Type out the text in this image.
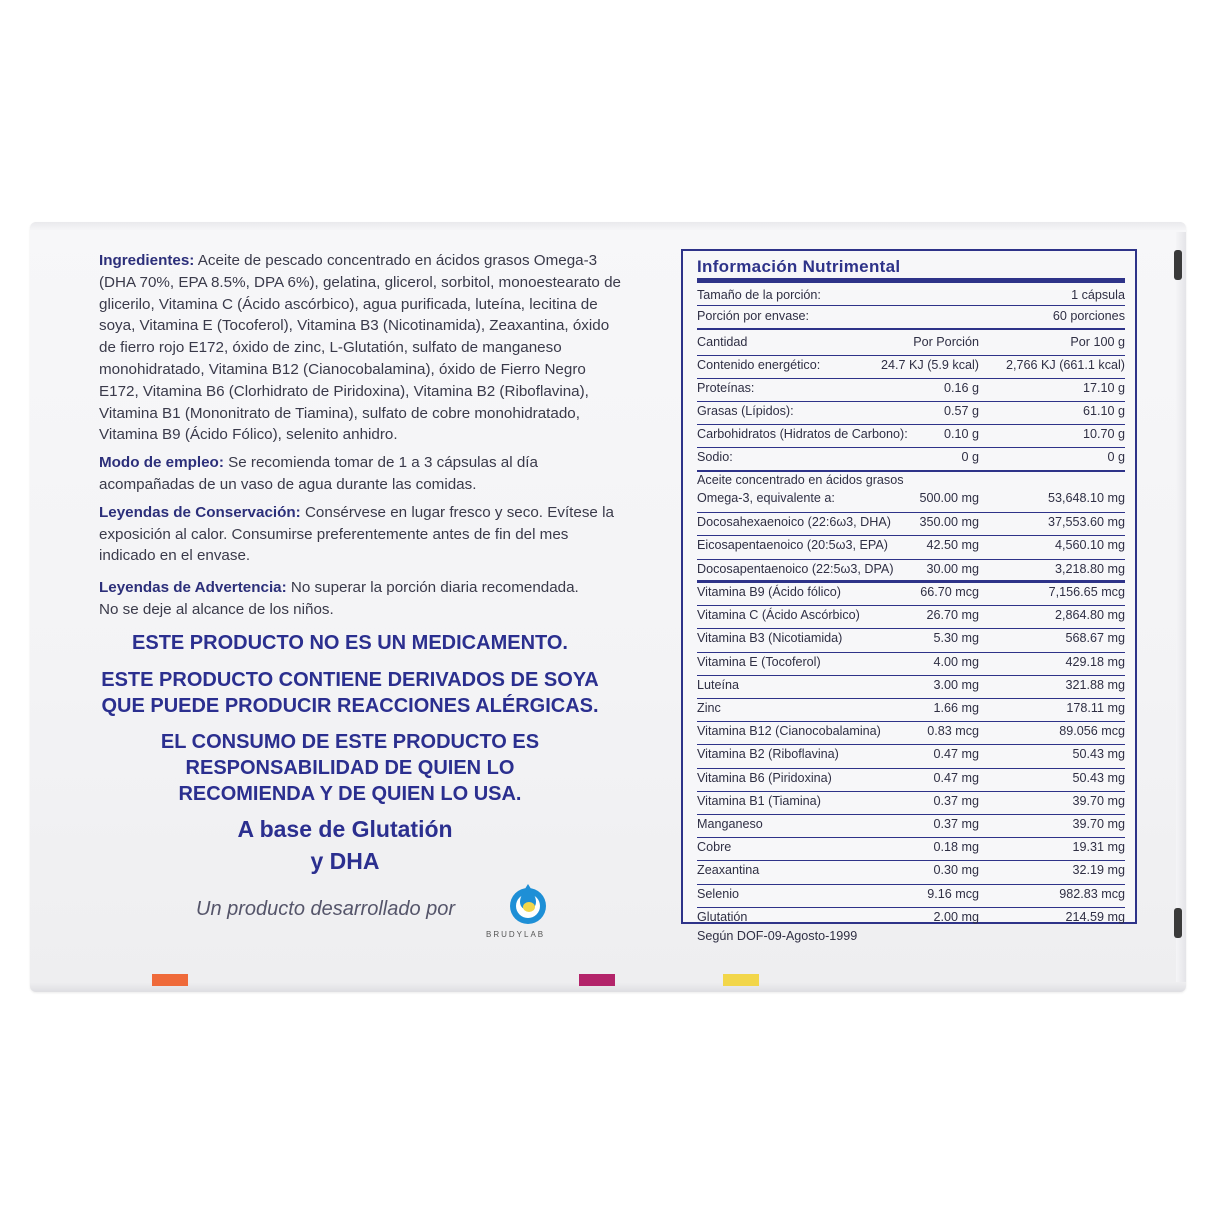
Ingredientes: Aceite de pescado concentrado en ácidos grasos Omega-3 (DHA 70%, EPA 8.5%, DPA 6%), gelatina, glicerol, sorbitol, monoestearato de glicerilo, Vitamina C (Ácido ascórbico), agua purificada, luteína, lecitina de soya, Vitamina E (Tocoferol), Vitamina B3 (Nicotinamida), Zeaxantina, óxido de fierro rojo E172, óxido de zinc, L-Glutatión, sulfato de manganeso monohidratado, Vitamina B12 (Cianocobalamina), óxido de Fierro Negro E172, Vitamina B6 (Clorhidrato de Piridoxina), Vitamina B2 (Riboflavina), Vitamina B1 (Mononitrato de Tiamina), sulfato de cobre monohidratado, Vitamina B9 (Ácido Fólico), selenito anhidro.

Modo de empleo: Se recomienda tomar de 1 a 3 cápsulas al día acompañadas de un vaso de agua durante las comidas.

Leyendas de Conservación: Consérvese en lugar fresco y seco. Evítese la exposición al calor. Consumirse preferentemente antes de fin del mes indicado en el envase.

Leyendas de Advertencia: No superar la porción diaria recomendada. No se deje al alcance de los niños.

ESTE PRODUCTO NO ES UN MEDICAMENTO.
ESTE PRODUCTO CONTIENE DERIVADOS DE SOYA
QUE PUEDE PRODUCIR REACCIONES ALÉRGICAS.
EL CONSUMO DE ESTE PRODUCTO ES
RESPONSABILIDAD DE QUIEN LO
RECOMIENDA Y DE QUIEN LO USA.
A base de Glutatión
y DHA
Un producto desarrollado por
BRUDYLAB
Información Nutrimental
Tamaño de la porción:	1 cápsula
Porción por envase:	60 porciones
Cantidad	Por Porción	Por 100 g
Contenido energético:	24.7 KJ (5.9 kcal) 2,766 KJ (661.1 kcal)
Proteínas:	0.16 g	17.10 g
Grasas (Lípidos):	0.57 g	61.10 g
Carbohidratos (Hidratos de Carbono):	0.10 g	10.70 g
Sodio:	0 g	0 g
Aceite concentrado en ácidos grasos
Omega-3, equivalente a:	500.00 mg	53,648.10 mg
Docosahexaenoico (22:6ω3, DHA) 350.00 mg	37,553.60 mg
Eicosapentaenoico (20:5ω3, EPA)	42.50 mg	4,560.10 mg
Docosapentaenoico (22:5ω3, DPA)	30.00 mg	3,218.80 mg
Vitamina B9 (Ácido fólico)	66.70 mcg	7,156.65 mcg
Vitamina C (Ácido Ascórbico)	26.70 mg	2,864.80 mg
Vitamina B3 (Nicotiamida)	5.30 mg	568.67 mg
Vitamina E (Tocoferol)	4.00 mg	429.18 mg
Luteína	3.00 mg	321.88 mg
Zinc	1.66 mg	178.11 mg
Vitamina B12 (Cianocobalamina)	0.83 mcg	89.056 mcg
Vitamina B2 (Riboflavina)	0.47 mg	50.43 mg
Vitamina B6 (Piridoxina)	0.47 mg	50.43 mg
Vitamina B1 (Tiamina)	0.37 mg	39.70 mg
Manganeso	0.37 mg	39.70 mg
Cobre	0.18 mg	19.31 mg
Zeaxantina	0.30 mg	32.19 mg
Selenio	9.16 mcg	982.83 mcg
Glutatión	2.00 mg	214.59 mg
Según DOF-09-Agosto-1999
